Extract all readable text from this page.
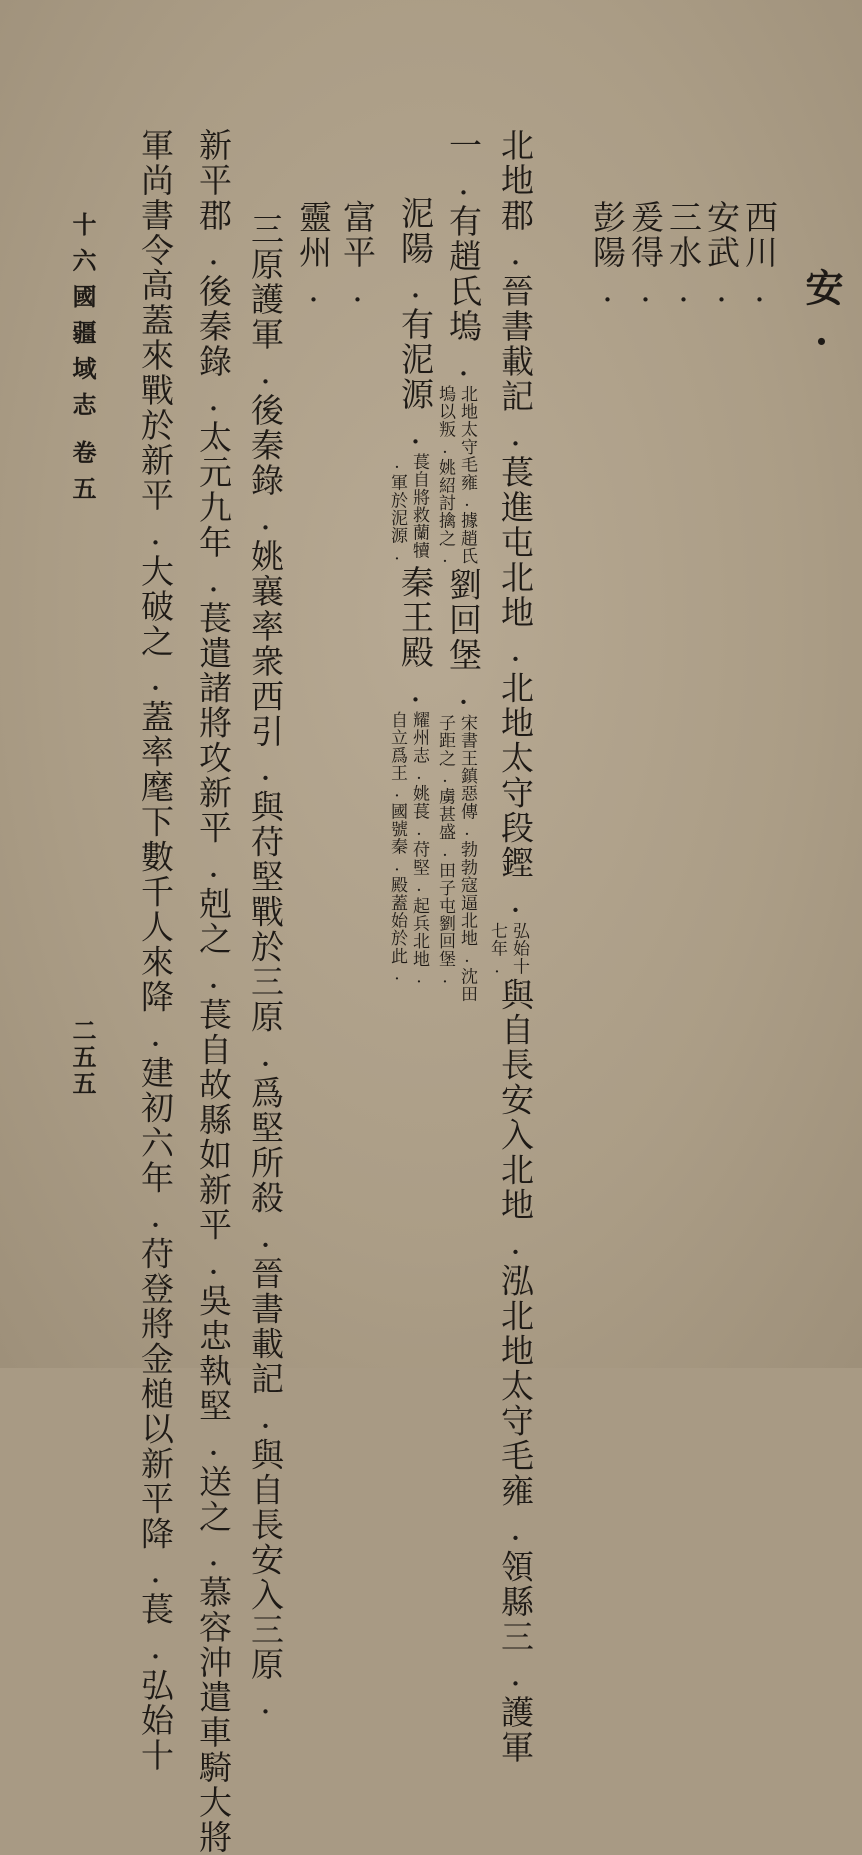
安.
西川.
安武.
三水.
爰得.
彭陽.
北地郡.晉書載記.萇進屯北地.北地太守段鏗.弘始十
七年.與自長安入北地.泓北地太守毛雍.領縣三.護軍
一.有趙氏塢.北地太守毛雍.據趙氏
塢以叛.姚紹討擒之.劉回堡.宋書王鎮惡傳.勃勃寇逼北地.沈田
子距之.虜甚盛.田子屯劉回堡.
泥陽.有泥源.萇自將救蘭犢
.軍於泥源.秦王殿.耀州志.姚萇.苻堅.起兵北地.
自立爲王.國號秦.殿蓋始於此.
富平.
靈州.
三原護軍.後秦錄.姚襄率衆西引.與苻堅戰於三原.爲堅所殺.晉書載記.與自長安入三原.
新平郡.後秦錄.太元九年.萇遣諸將攻新平.剋之.萇自故縣如新平.吳忠執堅.送之.慕容沖遣車騎大將
軍尚書令高蓋來戰於新平.大破之.蓋率麾下數千人來降.建初六年.苻登將金槌以新平降.萇.弘始十
十六國疆域志
卷五
二五五
